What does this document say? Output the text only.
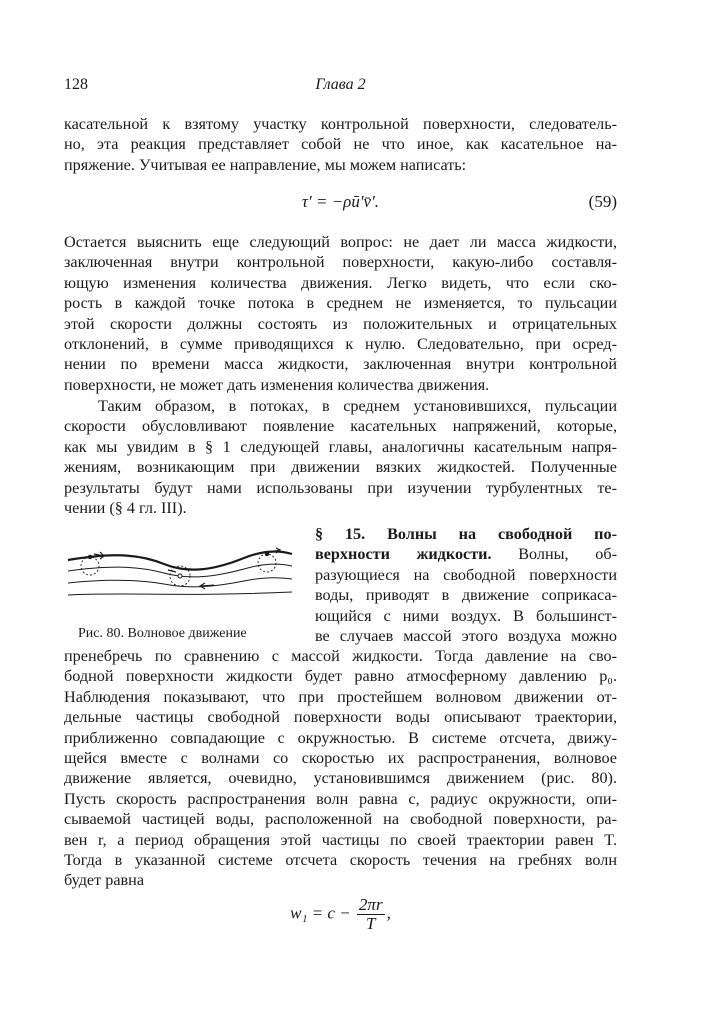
128	Глава 2
касательной к взятому участку контрольной поверхности, следователь-
но, эта реакция представляет собой не что иное, как касательное на-
пряжение. Учитывая ее направление, мы можем написать:
τ′ = −ρū′v̄′.	(59)
Остается выяснить еще следующий вопрос: не дает ли масса жидкости,
заключенная внутри контрольной поверхности, какую-либо составля-
ющую изменения количества движения. Легко видеть, что если ско-
рость в каждой точке потока в среднем не изменяется, то пульсации
этой скорости должны состоять из положительных и отрицательных
отклонений, в сумме приводящихся к нулю. Следовательно, при осред-
нении по времени масса жидкости, заключенная внутри контрольной
поверхности, не может дать изменения количества движения.
Таким образом, в потоках, в среднем установившихся, пульсации
скорости обусловливают появление касательных напряжений, которые,
как мы увидим в § 1 следующей главы, аналогичны касательным напря-
жениям, возникающим при движении вязких жидкостей. Полученные
результаты будут нами использованы при изучении турбулентных те-
чении (§ 4 гл. III).
Рис. 80. Волновое движение
§ 15. Волны на свободной по-
верхности жидкости. Волны, об-
разующиеся на свободной поверхности
воды, приводят в движение соприкаса-
ющийся с ними воздух. В большинст-
ве случаев массой этого воздуха можно
пренебречь по сравнению с массой жидкости. Тогда давление на сво-
бодной поверхности жидкости будет равно атмосферному давлению p₀.
Наблюдения показывают, что при простейшем волновом движении от-
дельные частицы свободной поверхности воды описывают траектории,
приближенно совпадающие с окружностью. В системе отсчета, движу-
щейся вместе с волнами со скоростью их распространения, волновое
движение является, очевидно, установившимся движением (рис. 80).
Пусть скорость распространения волн равна c, радиус окружности, опи-
сываемой частицей воды, расположенной на свободной поверхности, ра-
вен r, а период обращения этой частицы по своей траектории равен T.
Тогда в указанной системе отсчета скорость течения на гребнях волн
будет равна
$w_1 = c - \frac{2\pi r}{T}$ ,
